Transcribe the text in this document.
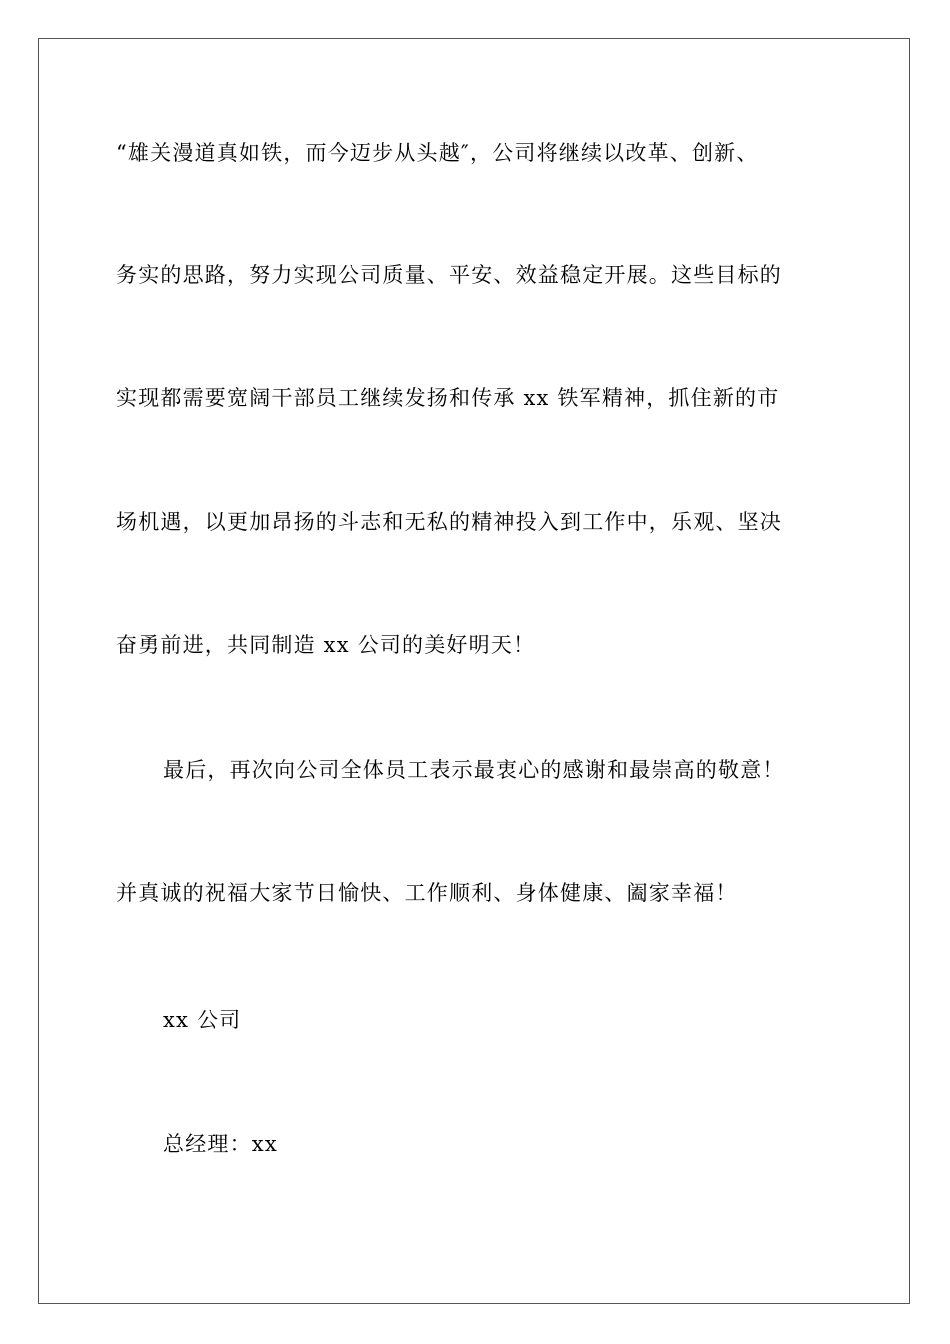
“雄关漫道真如铁，而今迈步从头越″，公司将继续以改革、创新、
务实的思路，努力实现公司质量、平安、效益稳定开展。这些目标的
实现都需要宽阔干部员工继续发扬和传承 xx 铁军精神，抓住新的市
场机遇，以更加昂扬的斗志和无私的精神投入到工作中，乐观、坚决
奋勇前进，共同制造 xx 公司的美好明天！
最后，再次向公司全体员工表示最衷心的感谢和最崇高的敬意！
并真诚的祝福大家节日愉快、工作顺利、身体健康、阖家幸福！
xx 公司
总经理：xx
